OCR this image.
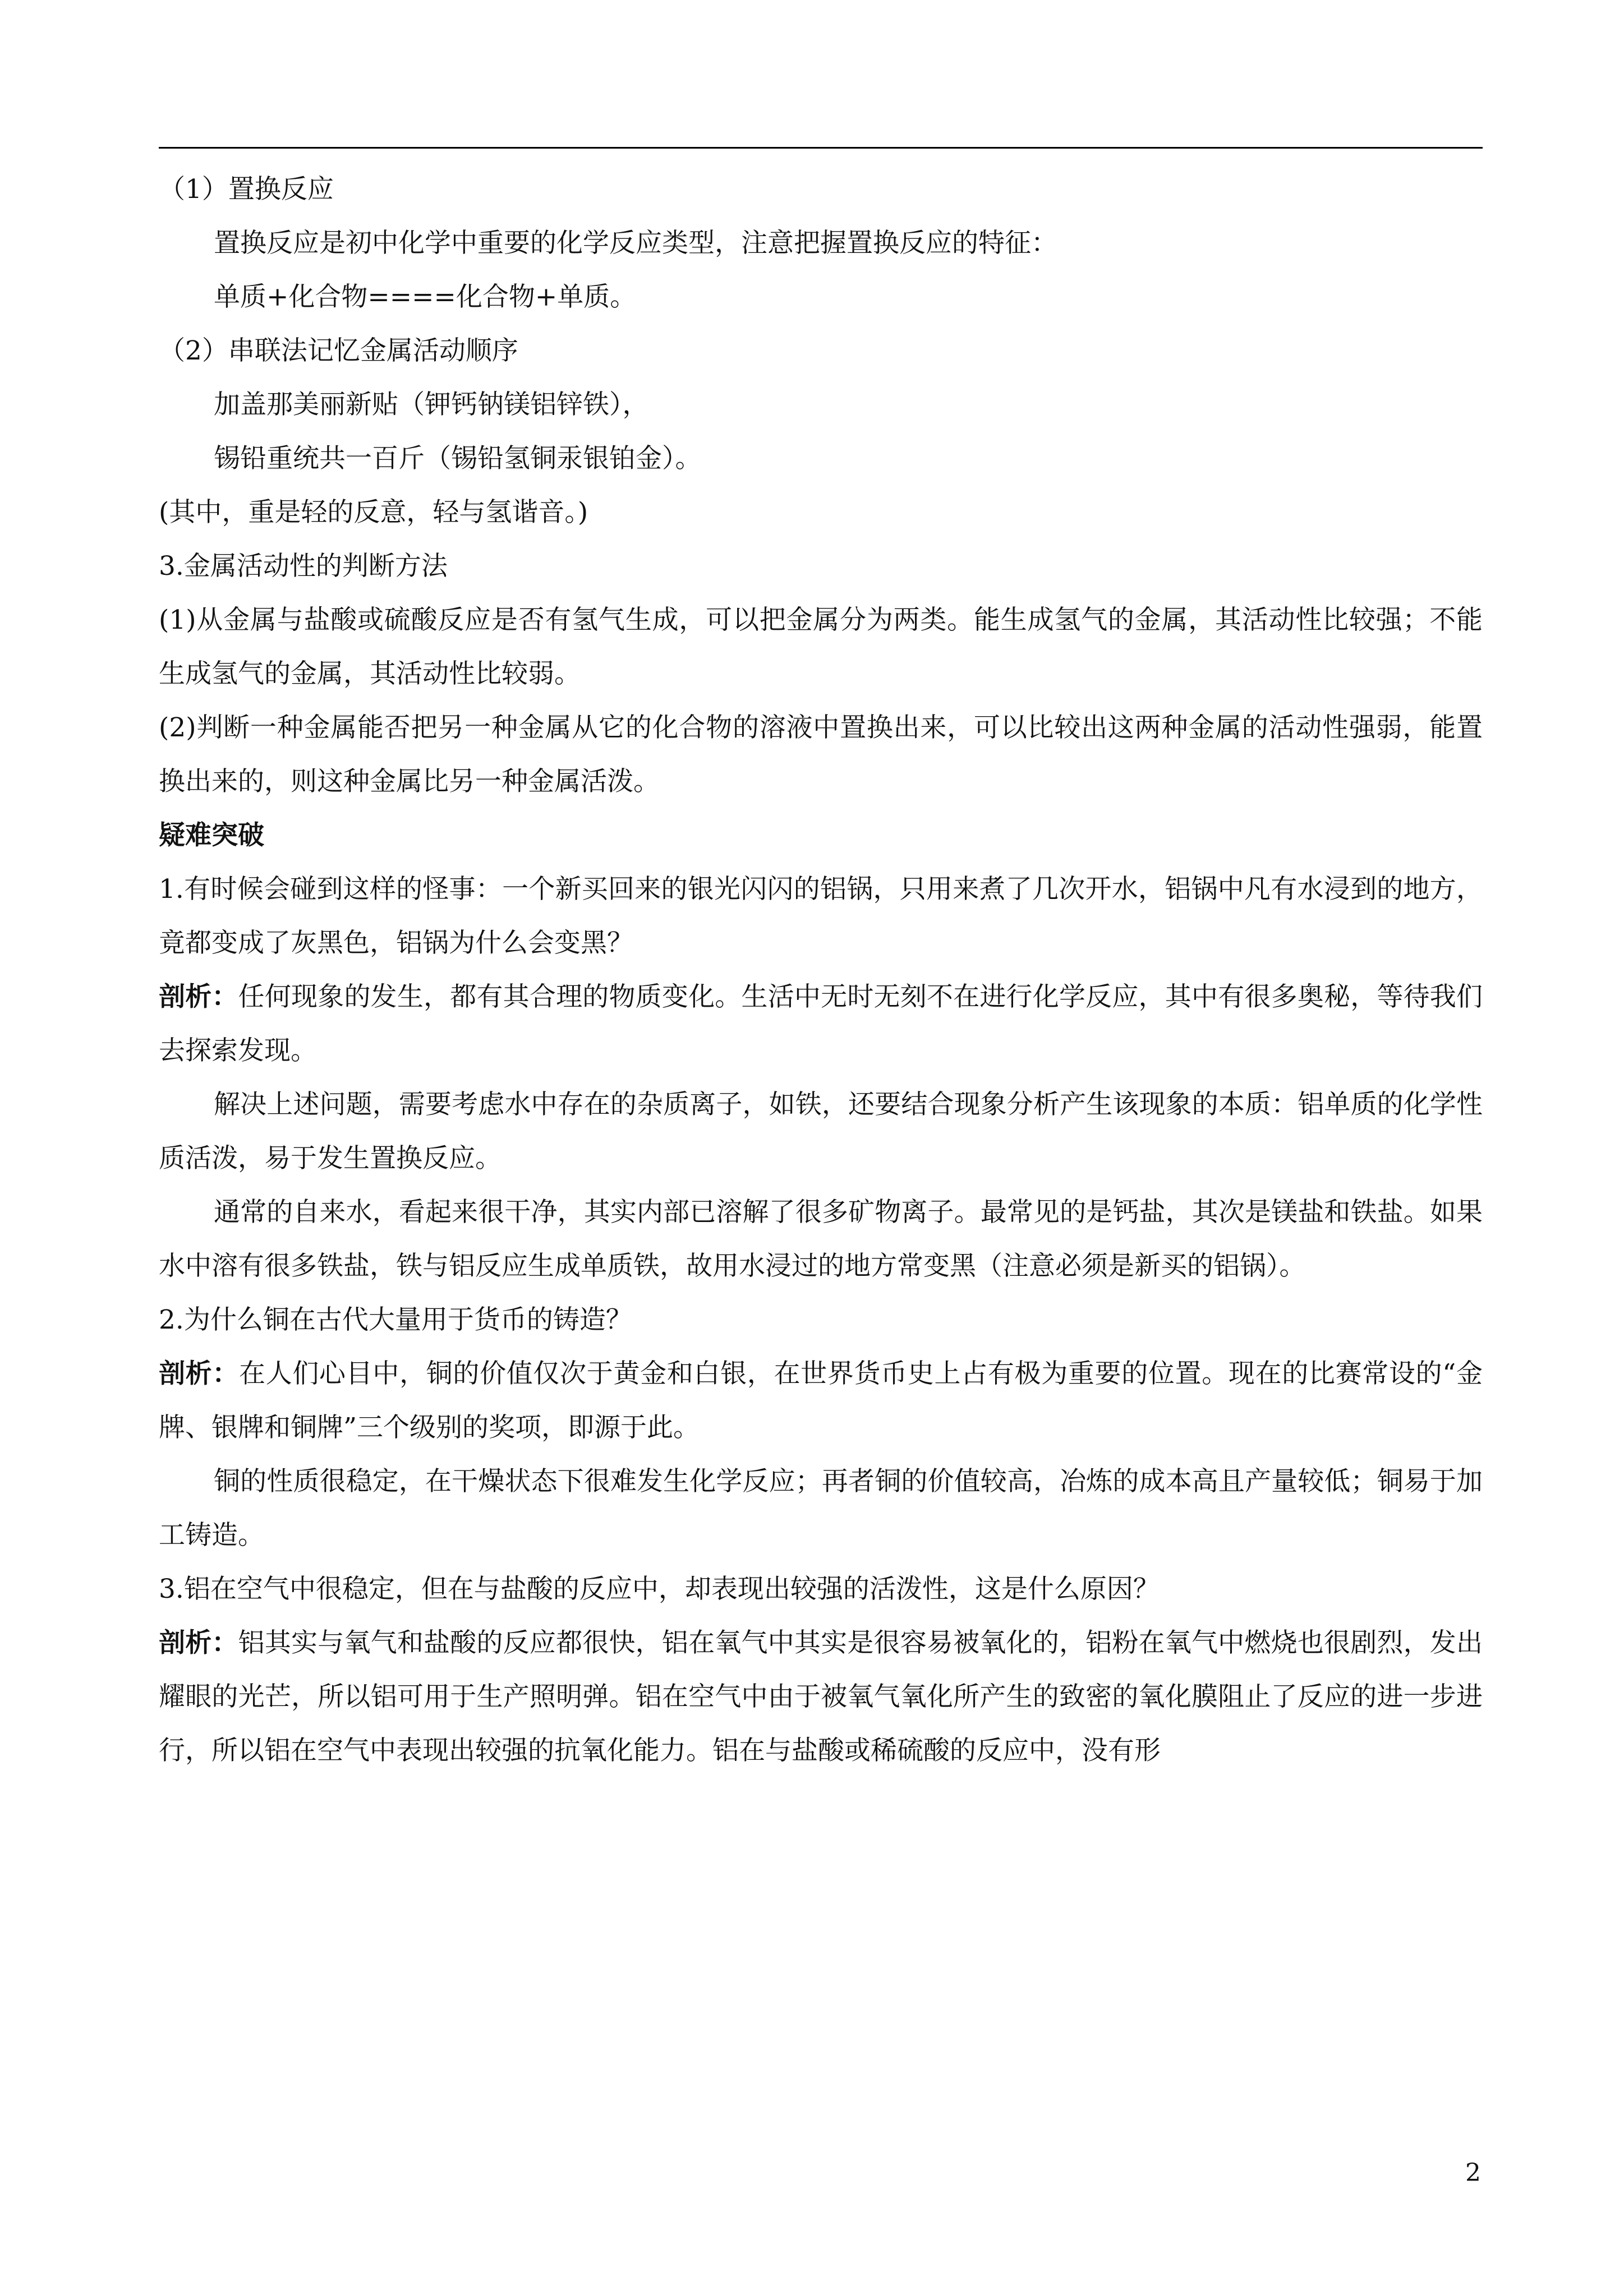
（1）置换反应

置换反应是初中化学中重要的化学反应类型，注意把握置换反应的特征：

单质+化合物====化合物+单质。

（2）串联法记忆金属活动顺序

加盖那美丽新贴（钾钙钠镁铝锌铁），

锡铅重统共一百斤（锡铅氢铜汞银铂金）。

(其中，重是轻的反意，轻与氢谐音。)

3.金属活动性的判断方法

(1)从金属与盐酸或硫酸反应是否有氢气生成，可以把金属分为两类。能生成氢气的金属，其活动性比较强；不能生成氢气的金属，其活动性比较弱。

(2)判断一种金属能否把另一种金属从它的化合物的溶液中置换出来，可以比较出这两种金属的活动性强弱，能置换出来的，则这种金属比另一种金属活泼。

疑难突破

1.有时候会碰到这样的怪事：一个新买回来的银光闪闪的铝锅，只用来煮了几次开水，铝锅中凡有水浸到的地方，竟都变成了灰黑色，铝锅为什么会变黑？

剖析：任何现象的发生，都有其合理的物质变化。生活中无时无刻不在进行化学反应，其中有很多奥秘，等待我们去探索发现。

解决上述问题，需要考虑水中存在的杂质离子，如铁，还要结合现象分析产生该现象的本质：铝单质的化学性质活泼，易于发生置换反应。

通常的自来水，看起来很干净，其实内部已溶解了很多矿物离子。最常见的是钙盐，其次是镁盐和铁盐。如果水中溶有很多铁盐，铁与铝反应生成单质铁，故用水浸过的地方常变黑（注意必须是新买的铝锅）。

2.为什么铜在古代大量用于货币的铸造？

剖析：在人们心目中，铜的价值仅次于黄金和白银，在世界货币史上占有极为重要的位置。现在的比赛常设的“金牌、银牌和铜牌”三个级别的奖项，即源于此。

铜的性质很稳定，在干燥状态下很难发生化学反应；再者铜的价值较高，冶炼的成本高且产量较低；铜易于加工铸造。

3.铝在空气中很稳定，但在与盐酸的反应中，却表现出较强的活泼性，这是什么原因？

剖析：铝其实与氧气和盐酸的反应都很快，铝在氧气中其实是很容易被氧化的，铝粉在氧气中燃烧也很剧烈，发出耀眼的光芒，所以铝可用于生产照明弹。铝在空气中由于被氧气氧化所产生的致密的氧化膜阻止了反应的进一步进行，所以铝在空气中表现出较强的抗氧化能力。铝在与盐酸或稀硫酸的反应中，没有形

2
